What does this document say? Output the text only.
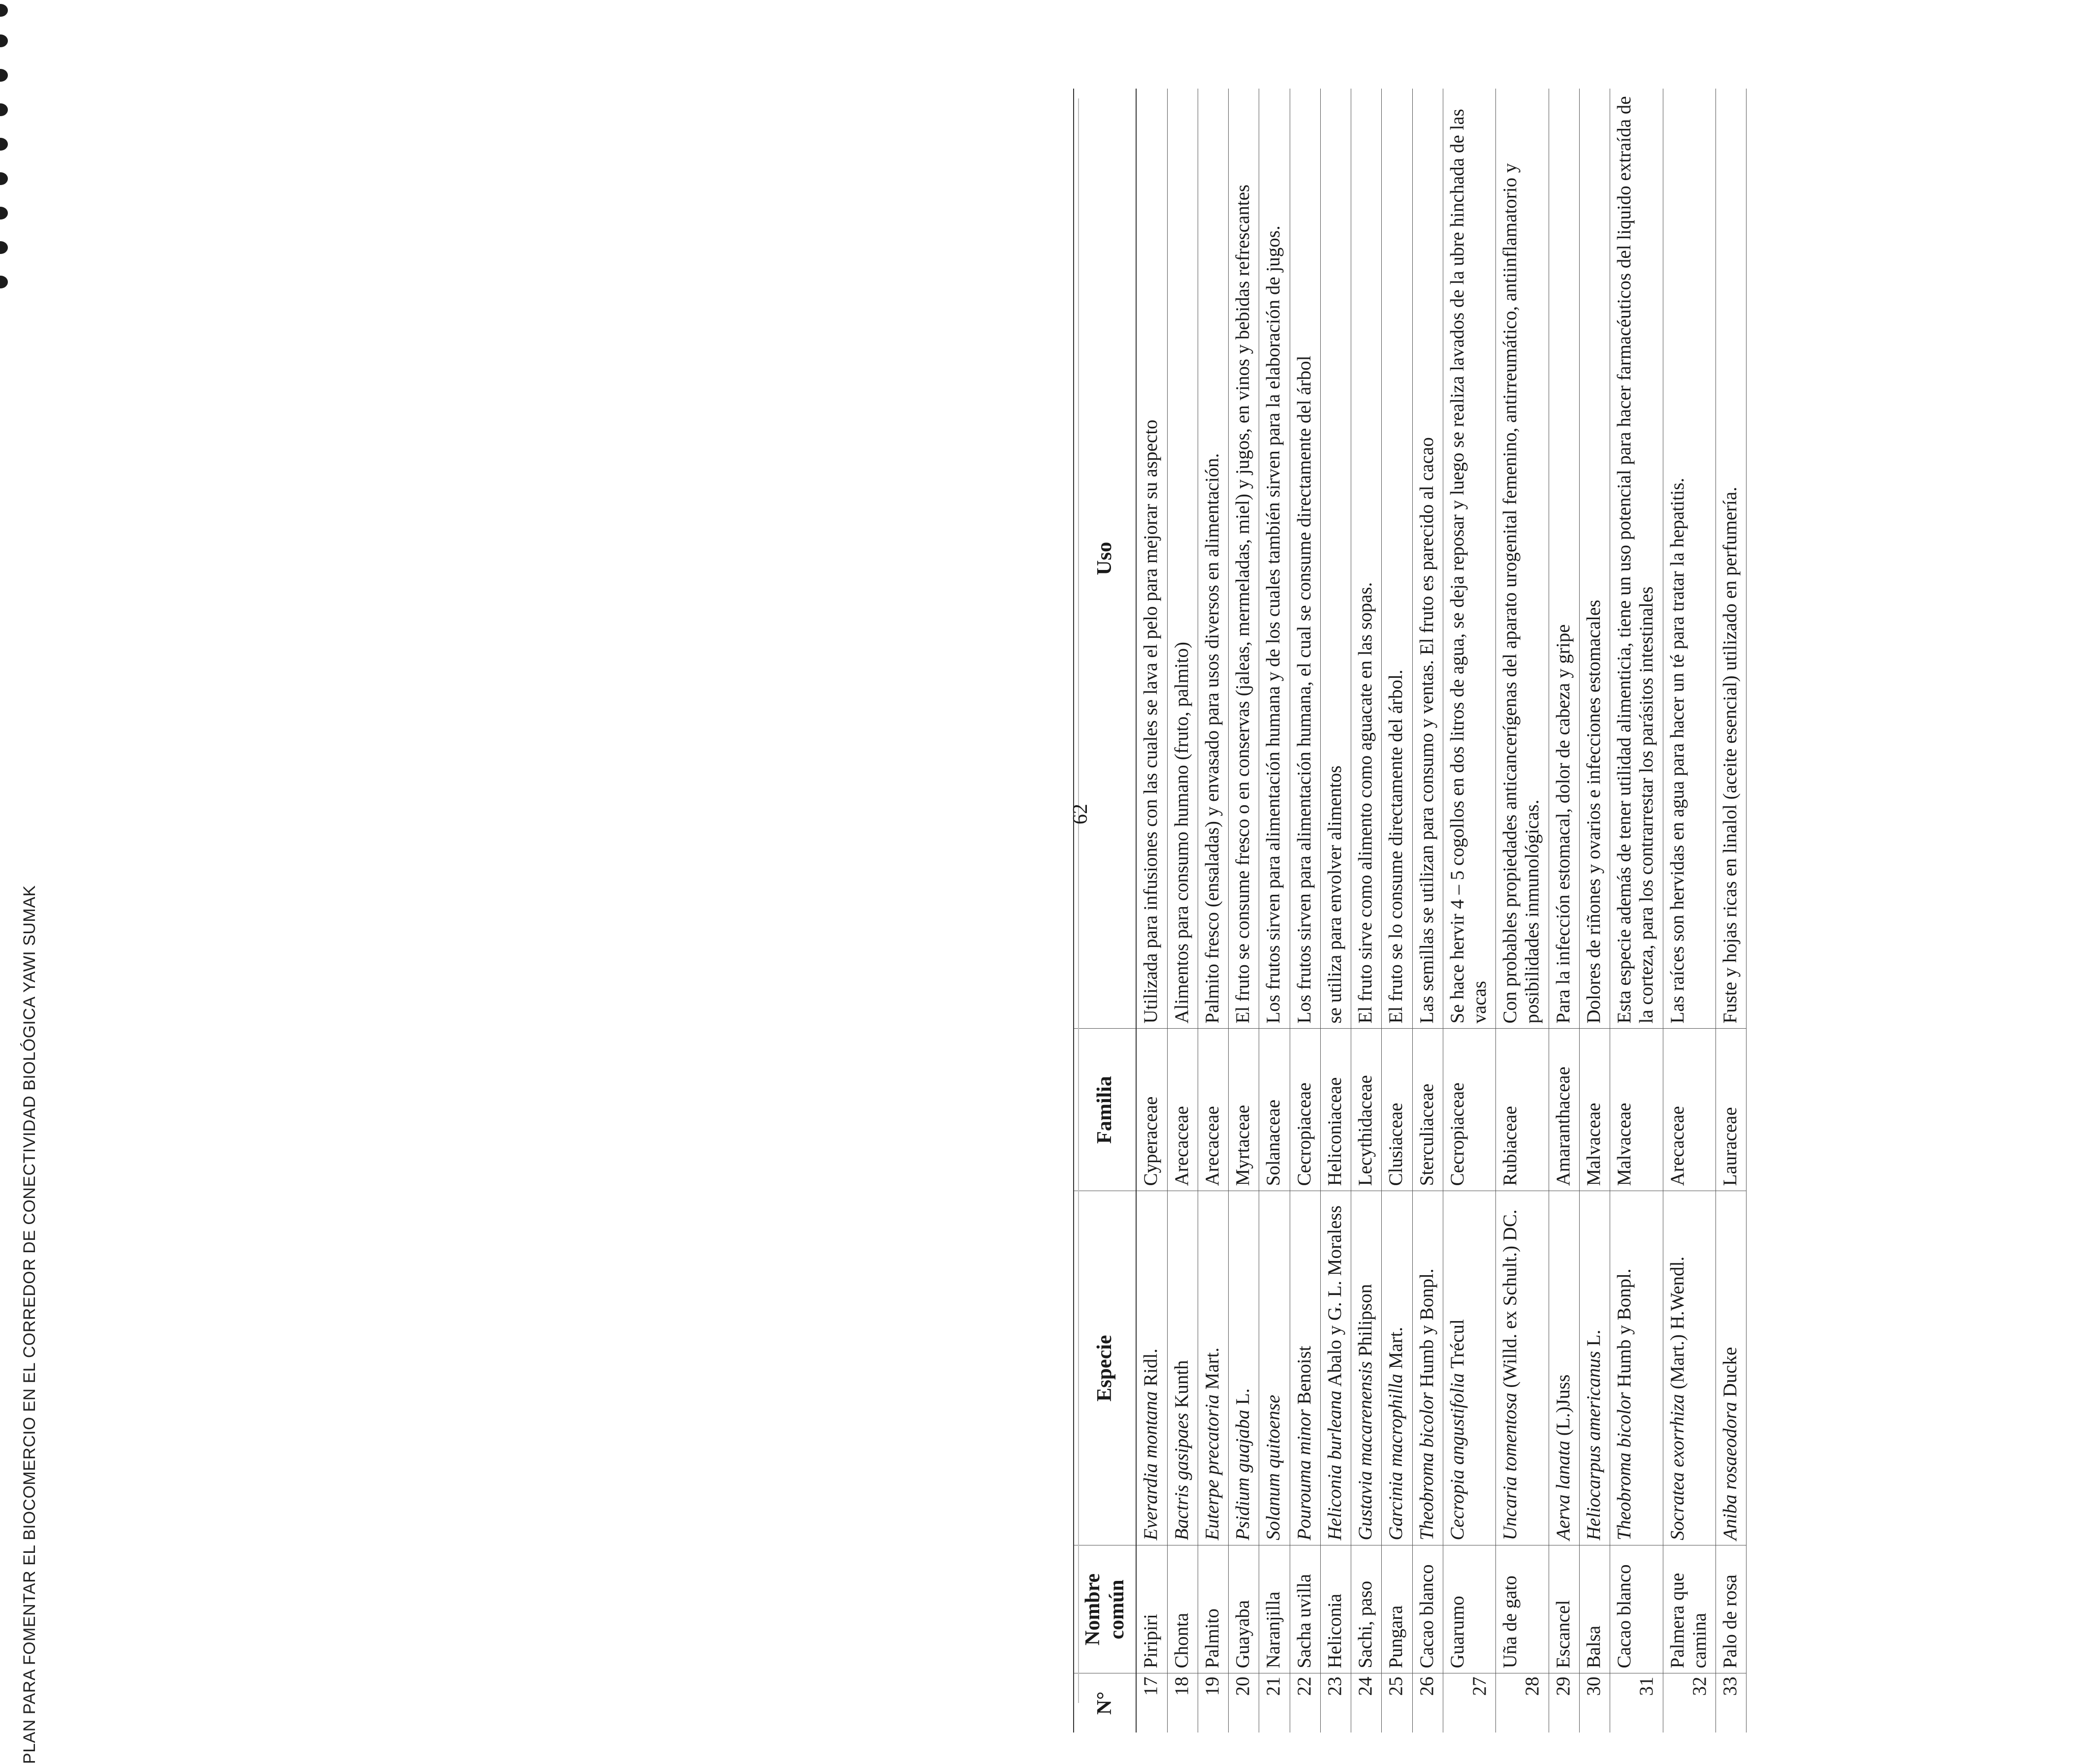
PLAN PARA FOMENTAR EL BIOCOMERCIO EN EL CORREDOR DE CONECTIVIDAD BIOLÓGICA YAWI SUMAK	N°	Nombre común	Especie	Familia	Uso
17	Piripiri	Everardia montana Ridl.	Cyperaceae	Utilizada para infusiones con las cuales se lava el pelo para mejorar su aspecto
18	Chonta	Bactris gasipaes Kunth	Arecaceae	Alimentos para consumo humano (fruto, palmito)
19	Palmito	Euterpe precatoria Mart.	Arecaceae	Palmito fresco (ensaladas) y envasado para usos diversos en alimentación.
20	Guayaba	Psidium guajaba L.	Myrtaceae	El fruto se consume fresco o en conservas (jaleas, mermeladas, miel) y jugos, en vinos y bebidas refrescantes
21	Naranjilla	Solanum quitoense	Solanaceae	Los frutos sirven para alimentación humana y de los cuales también sirven para la elaboración de jugos.
22	Sacha uvilla	Pourouma minor Benoist	Cecropiaceae	Los frutos sirven para alimentación humana, el cual se consume directamente del árbol
23	Heliconia	Heliconia burleana Abalo y G. L. Moraless	Heliconiaceae	se utiliza para envolver alimentos
24	Sachi, paso	Gustavia macarenensis Philipson	Lecythidaceae	El fruto sirve como alimento como aguacate en las sopas.
25	Pungara	Garcinia macrophilla Mart.	Clusiaceae	El fruto se lo consume directamente del árbol.
26	Cacao blanco	Theobroma bicolor Humb y Bonpl.	Sterculiaceae	Las semillas se utilizan para consumo y ventas. El fruto es parecido al cacao
27	Guarumo	Cecropia angustifolia Trécul	Cecropiaceae	Se hace hervir 4 – 5 cogollos en dos litros de agua, se deja reposar y luego se realiza lavados de la ubre hinchada de las vacas
28	Uña de gato	Uncaria tomentosa (Willd. ex Schult.) DC.	Rubiaceae	Con probables propiedades anticancerígenas del aparato urogenital femenino, antirreumático, antiinflamatorio y posibilidades inmunológicas.
29	Escancel	Aerva lanata (L.)Juss	Amaranthaceae	Para la infección estomacal, dolor de cabeza y gripe
30	Balsa	Heliocarpus americanus L.	Malvaceae	Dolores de riñones y ovarios e infecciones estomacales
31	Cacao blanco	Theobroma bicolor Humb y Bonpl.	Malvaceae	Esta especie además de tener utilidad alimenticia, tiene un uso potencial para hacer farmacéuticos del liquido extraída de la corteza, para los contrarrestar los parásitos intestinales
32	Palmera que camina	Socratea exorrhiza (Mart.) H.Wendl.	Arecaceae	Las raíces son hervidas en agua para hacer un té para tratar la hepatitis.
33	Palo de rosa	Aniba rosaeodora Ducke	Lauraceae	Fuste y hojas ricas en linalol (aceite esencial) utilizado en perfumería.
62
